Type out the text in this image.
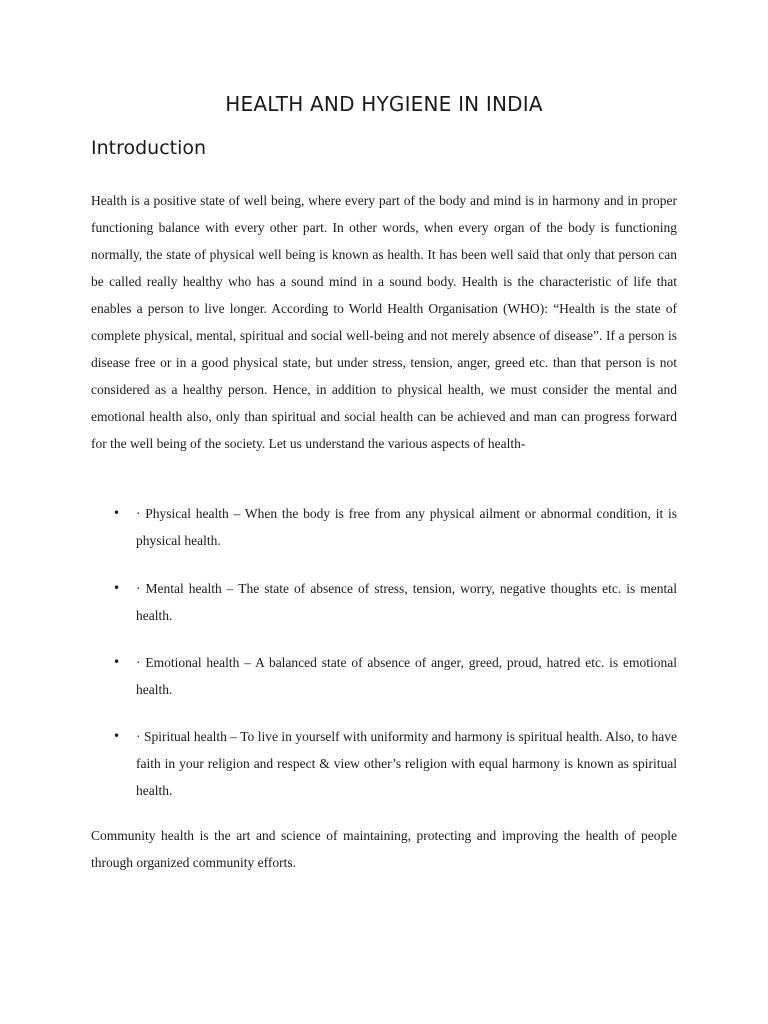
HEALTH AND HYGIENE IN INDIA
Introduction

Health is a positive state of well being, where every part of the body and mind is in harmony and in proper functioning balance with every other part. In other words, when every organ of the body is functioning normally, the state of physical well being is known as health. It has been well said that only that person can be called really healthy who has a sound mind in a sound body. Health is the characteristic of life that enables a person to live longer. According to World Health Organisation (WHO): “Health is the state of complete physical, mental, spiritual and social well-being and not merely absence of disease”. If a person is disease free or in a good physical state, but under stress, tension, anger, greed etc. than that person is not considered as a healthy person. Hence, in addition to physical health, we must consider the mental and emotional health also, only than spiritual and social health can be achieved and man can progress forward for the well being of the society. Let us understand the various aspects of health-

•	· Physical health – When the body is free from any physical ailment or abnormal condition, it is physical health.
•	· Mental health – The state of absence of stress, tension, worry, negative thoughts etc. is mental health.
•	· Emotional health – A balanced state of absence of anger, greed, proud, hatred etc. is emotional health.
•	· Spiritual health – To live in yourself with uniformity and harmony is spiritual health. Also, to have faith in your religion and respect & view other’s religion with equal harmony is known as spiritual health.

Community health is the art and science of maintaining, protecting and improving the health of people through organized community efforts.
